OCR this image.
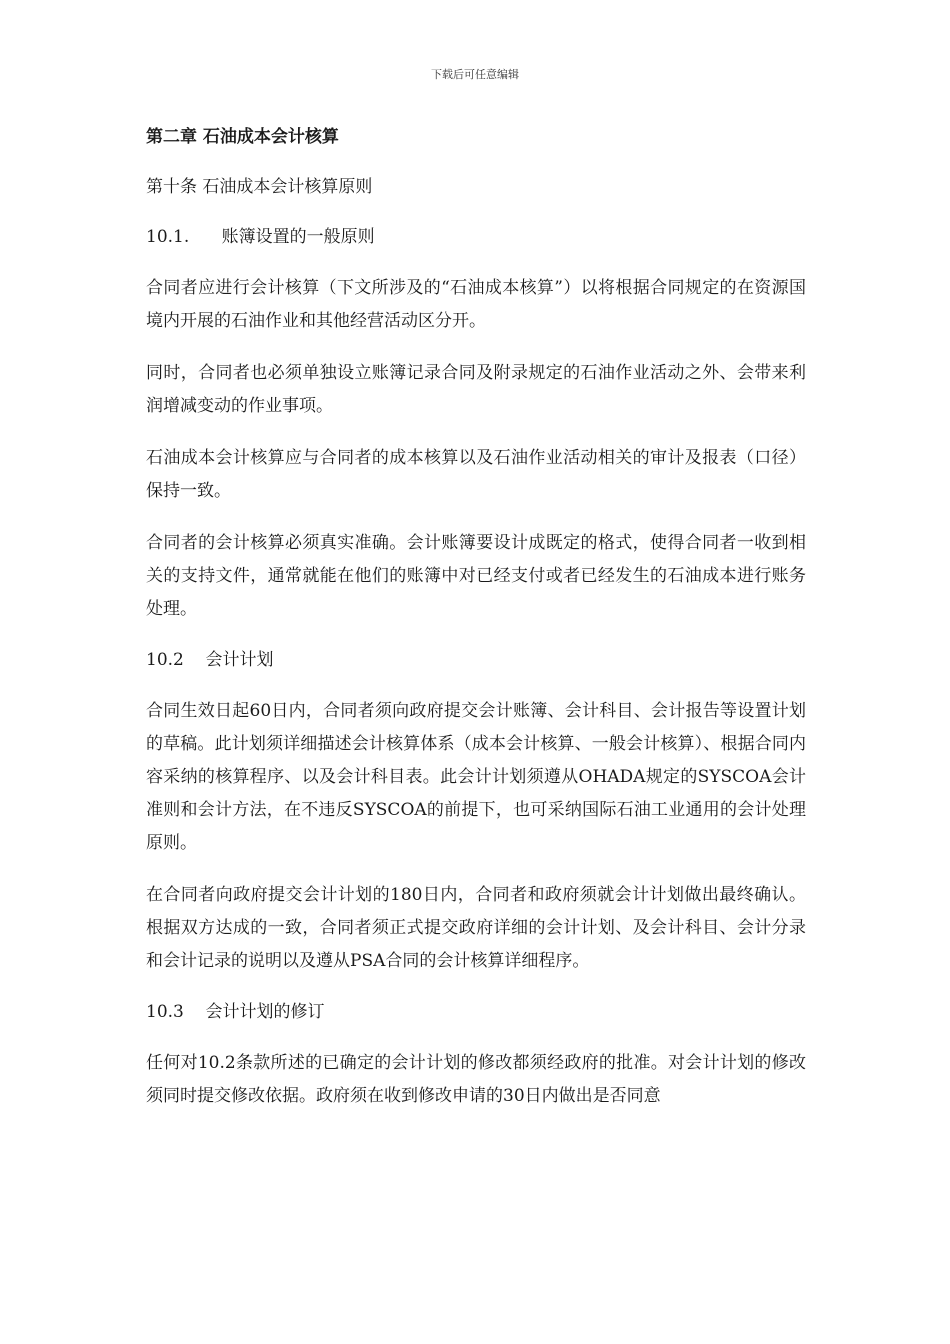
下载后可任意编辑
第二章 石油成本会计核算
第十条 石油成本会计核算原则
10.1.      账簿设置的一般原则

合同者应进行会计核算（下文所涉及的“石油成本核算”）以将根据合同规定的在资源国境内开展的石油作业和其他经营活动区分开。

同时，合同者也必须单独设立账簿记录合同及附录规定的石油作业活动之外、会带来利润增减变动的作业事项。

石油成本会计核算应与合同者的成本核算以及石油作业活动相关的审计及报表（口径）保持一致。

合同者的会计核算必须真实准确。会计账簿要设计成既定的格式，使得合同者一收到相关的支持文件，通常就能在他们的账簿中对已经支付或者已经发生的石油成本进行账务处理。

10.2    会计计划

合同生效日起60日内，合同者须向政府提交会计账簿、会计科目、会计报告等设置计划的草稿。此计划须详细描述会计核算体系（成本会计核算、一般会计核算）、根据合同内容采纳的核算程序、以及会计科目表。此会计计划须遵从OHADA规定的SYSCOA会计准则和会计方法，在不违反SYSCOA的前提下，也可采纳国际石油工业通用的会计处理原则。

在合同者向政府提交会计计划的180日内，合同者和政府须就会计计划做出最终确认。根据双方达成的一致，合同者须正式提交政府详细的会计计划、及会计科目、会计分录和会计记录的说明以及遵从PSA合同的会计核算详细程序。

10.3    会计计划的修订

任何对10.2条款所述的已确定的会计计划的修改都须经政府的批准。对会计计划的修改须同时提交修改依据。政府须在收到修改申请的30日内做出是否同意
